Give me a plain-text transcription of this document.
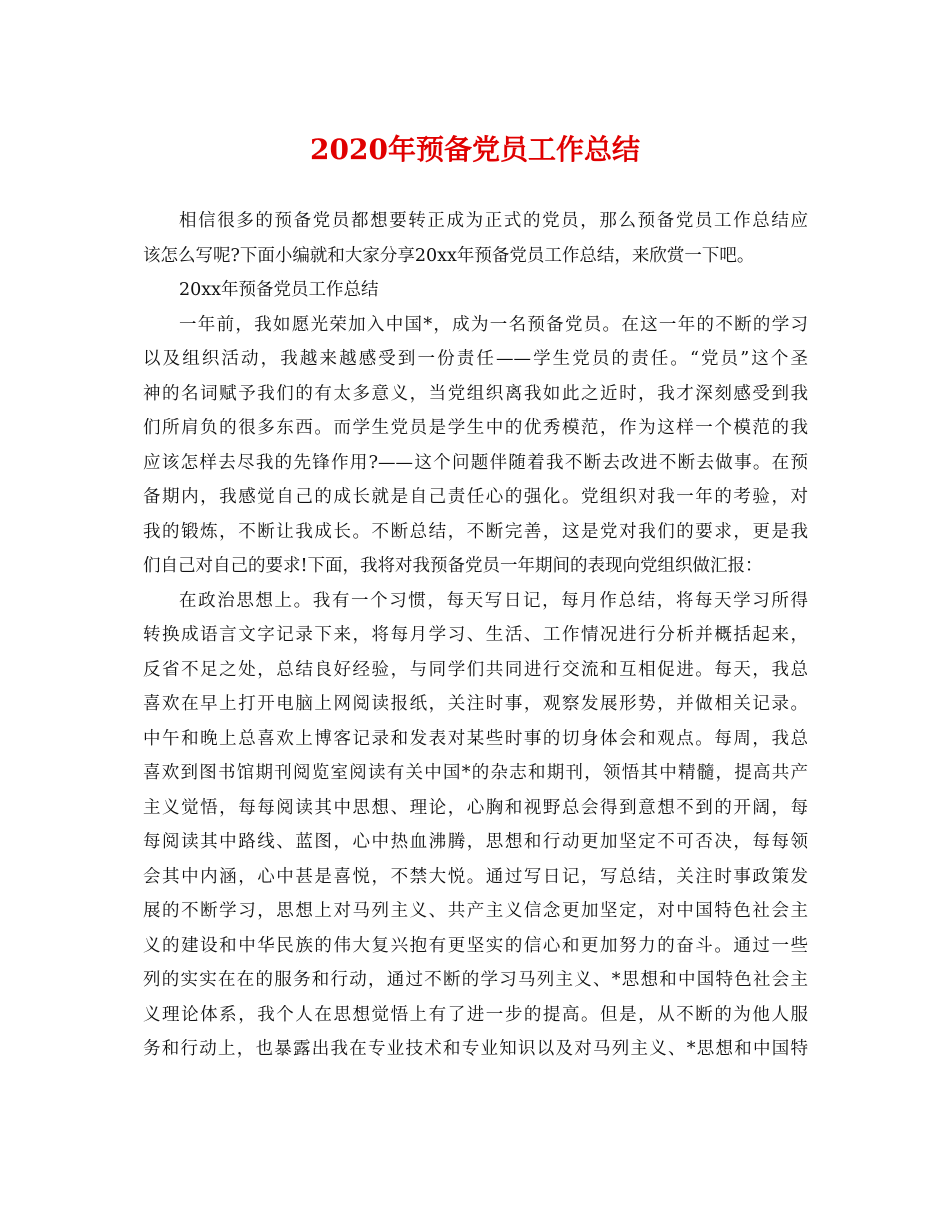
2020年预备党员工作总结
相信很多的预备党员都想要转正成为正式的党员，那么预备党员工作总结应
该怎么写呢?下面小编就和大家分享20xx年预备党员工作总结，来欣赏一下吧。
20xx年预备党员工作总结
一年前，我如愿光荣加入中国*，成为一名预备党员。在这一年的不断的学习
以及组织活动，我越来越感受到一份责任——学生党员的责任。“党员”这个圣
神的名词赋予我们的有太多意义，当党组织离我如此之近时，我才深刻感受到我
们所肩负的很多东西。而学生党员是学生中的优秀模范，作为这样一个模范的我
应该怎样去尽我的先锋作用?——这个问题伴随着我不断去改进不断去做事。在预
备期内，我感觉自己的成长就是自己责任心的强化。党组织对我一年的考验，对
我的锻炼，不断让我成长。不断总结，不断完善，这是党对我们的要求，更是我
们自己对自己的要求!下面，我将对我预备党员一年期间的表现向党组织做汇报：
在政治思想上。我有一个习惯，每天写日记，每月作总结，将每天学习所得
转换成语言文字记录下来，将每月学习、生活、工作情况进行分析并概括起来，
反省不足之处，总结良好经验，与同学们共同进行交流和互相促进。每天，我总
喜欢在早上打开电脑上网阅读报纸，关注时事，观察发展形势，并做相关记录。
中午和晚上总喜欢上博客记录和发表对某些时事的切身体会和观点。每周，我总
喜欢到图书馆期刊阅览室阅读有关中国*的杂志和期刊，领悟其中精髓，提高共产
主义觉悟，每每阅读其中思想、理论，心胸和视野总会得到意想不到的开阔，每
每阅读其中路线、蓝图，心中热血沸腾，思想和行动更加坚定不可否决，每每领
会其中内涵，心中甚是喜悦，不禁大悦。通过写日记，写总结，关注时事政策发
展的不断学习，思想上对马列主义、共产主义信念更加坚定，对中国特色社会主
义的建设和中华民族的伟大复兴抱有更坚实的信心和更加努力的奋斗。通过一些
列的实实在在的服务和行动，通过不断的学习马列主义、*思想和中国特色社会主
义理论体系，我个人在思想觉悟上有了进一步的提高。但是，从不断的为他人服
务和行动上，也暴露出我在专业技术和专业知识以及对马列主义、*思想和中国特
